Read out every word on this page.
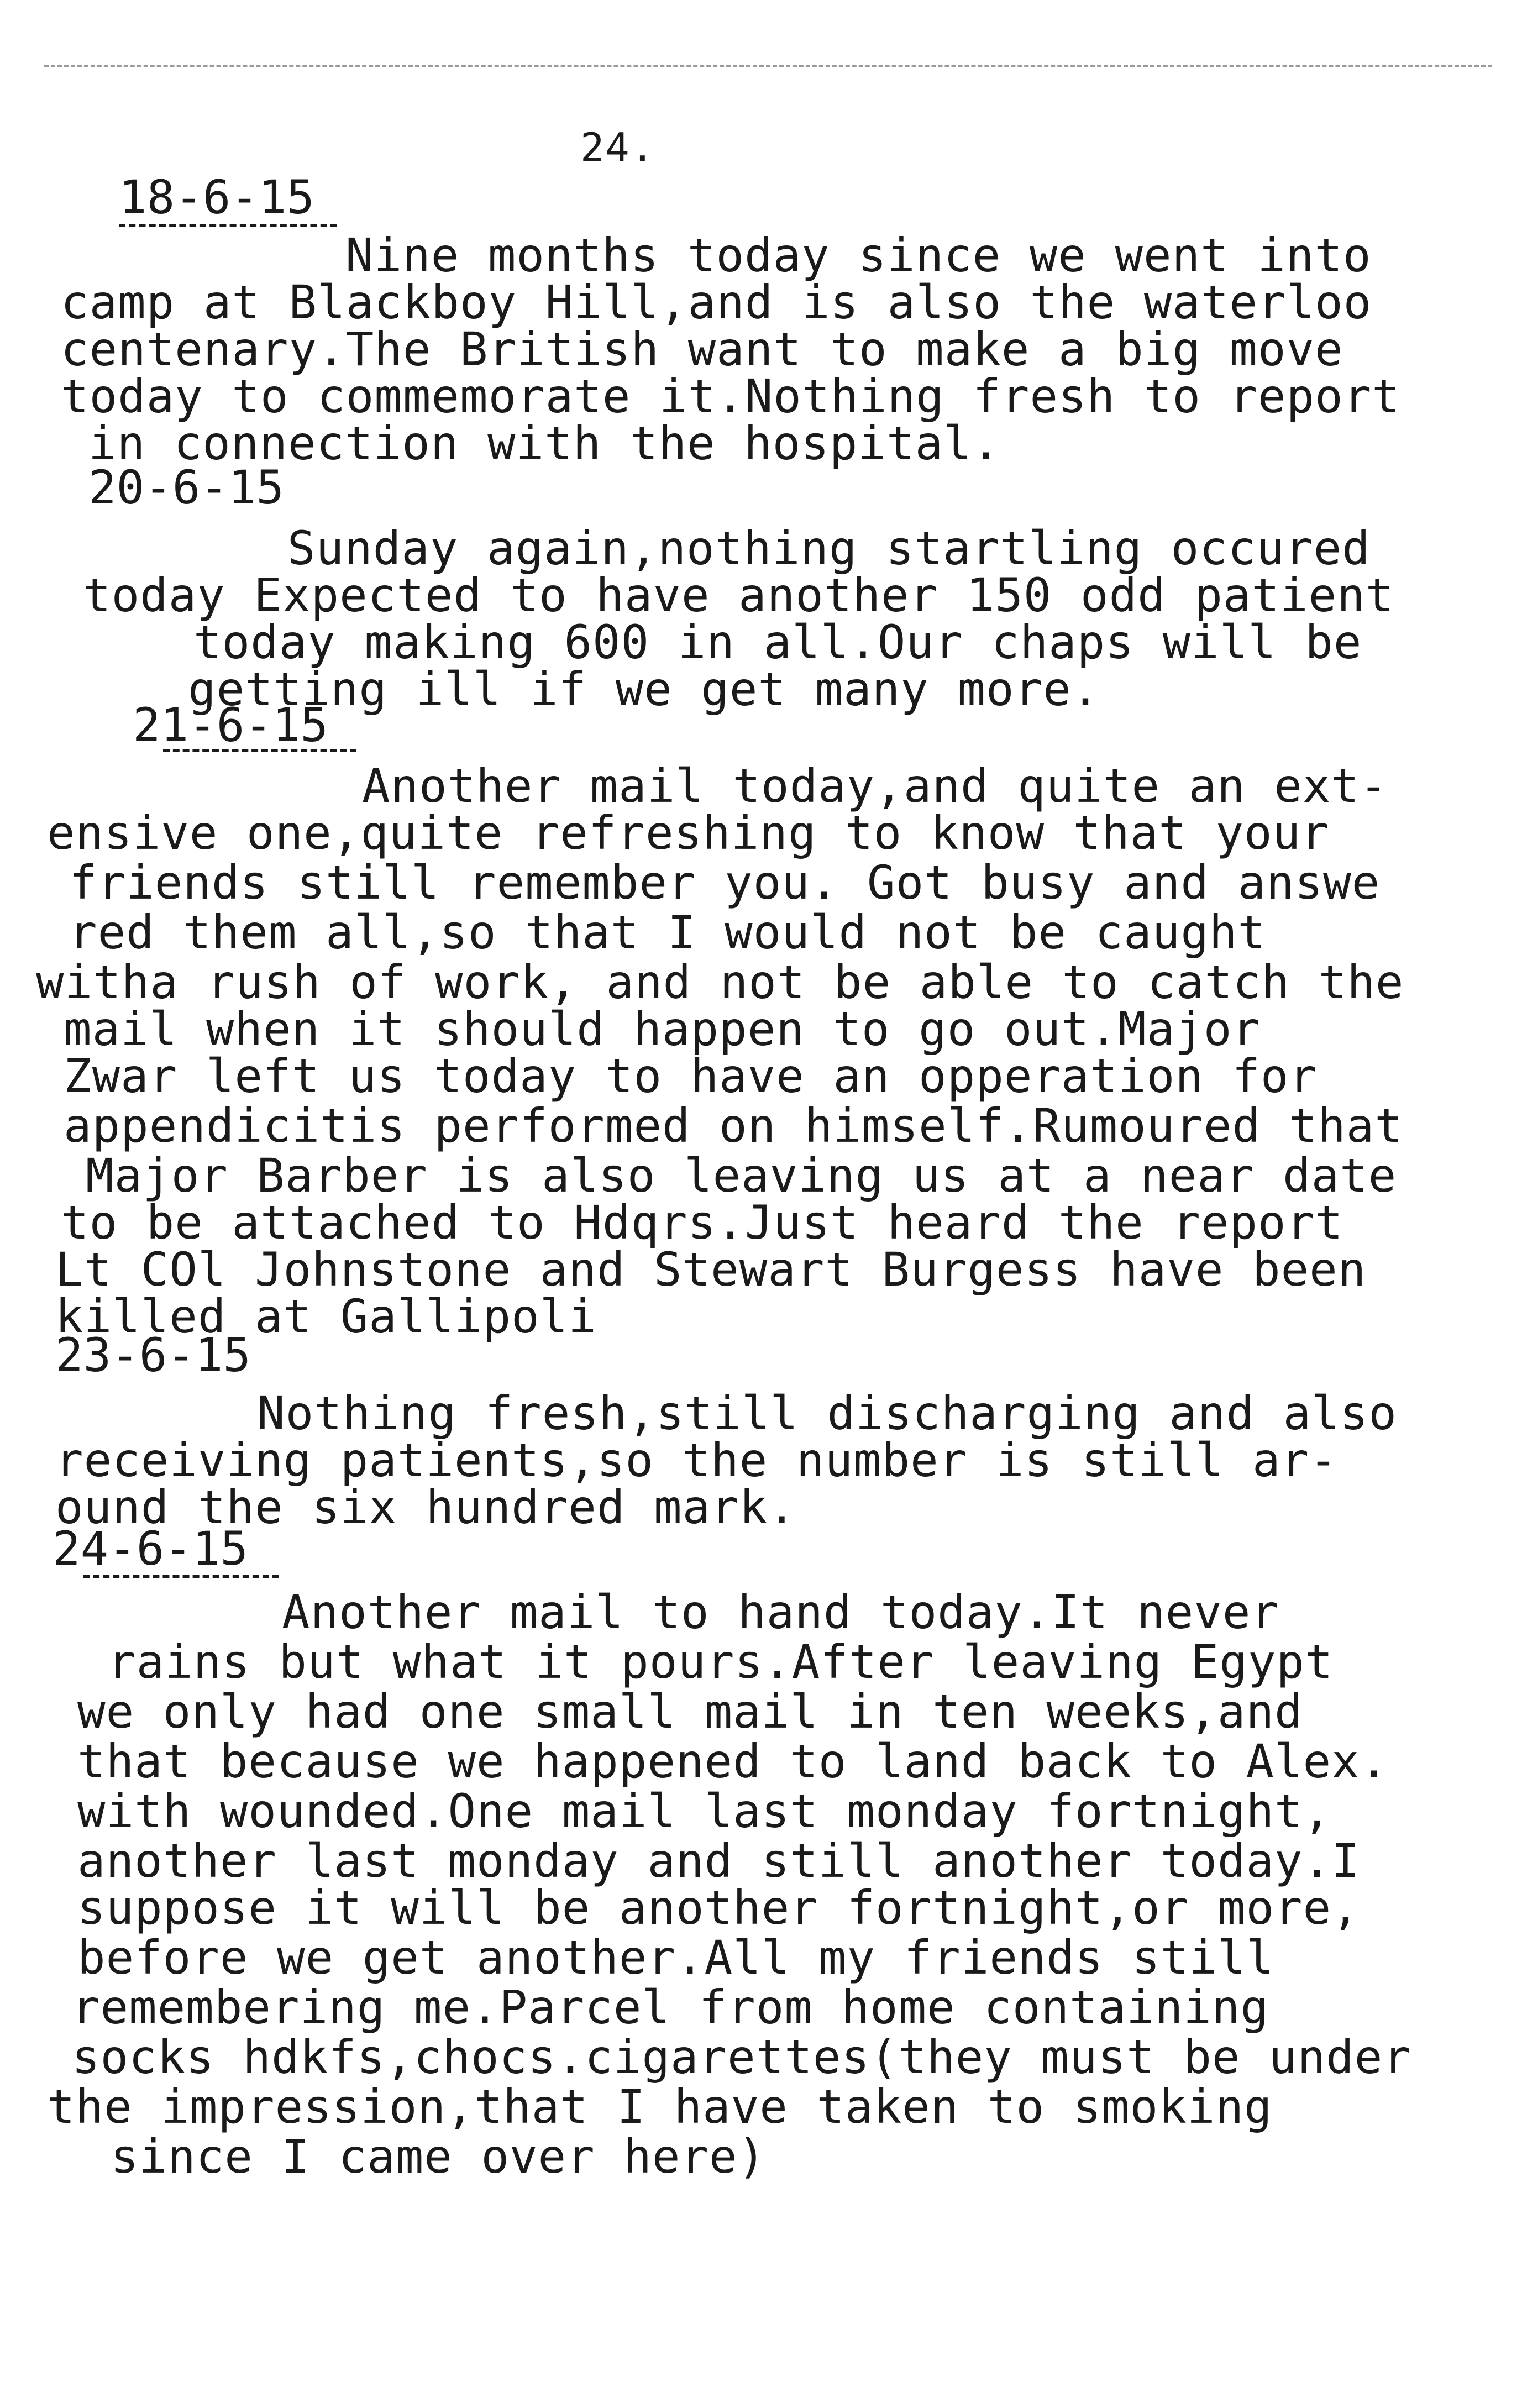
24.
18-6-15
Nine months today since we went into
camp at Blackboy Hill,and is also the waterloo
centenary.The British want to make a big move
today to commemorate it.Nothing fresh to report
in connection with the hospital.
20-6-15
Sunday again,nothing startling occured
today Expected to have another 150 odd patient
today making 600 in all.Our chaps will be
getting ill if we get many more.
21-6-15
Another mail today,and quite an ext-
ensive one,quite refreshing to know that your
friends still remember you. Got busy and answe
red them all,so that I would not be caught
witha rush of work, and not be able to catch the
mail when it should happen to go out.Major
Zwar left us today to have an opperation for
appendicitis performed on himself.Rumoured that
Major Barber is also leaving us at a near date
to be attached to Hdqrs.Just heard the report
Lt COl Johnstone and Stewart Burgess have been
killed at Gallipoli
23-6-15
Nothing fresh,still discharging and also
receiving patients,so the number is still ar-
ound the six hundred mark.
24-6-15
Another mail to hand today.It never
rains but what it pours.After leaving Egypt
we only had one small mail in ten weeks,and
that because we happened to land back to Alex.
with wounded.One mail last monday fortnight,
another last monday and still another today.I
suppose it will be another fortnight,or more,
before we get another.All my friends still
remembering me.Parcel from home containing
socks hdkfs,chocs.cigarettes(they must be under
the impression,that I have taken to smoking
since I came over here)
